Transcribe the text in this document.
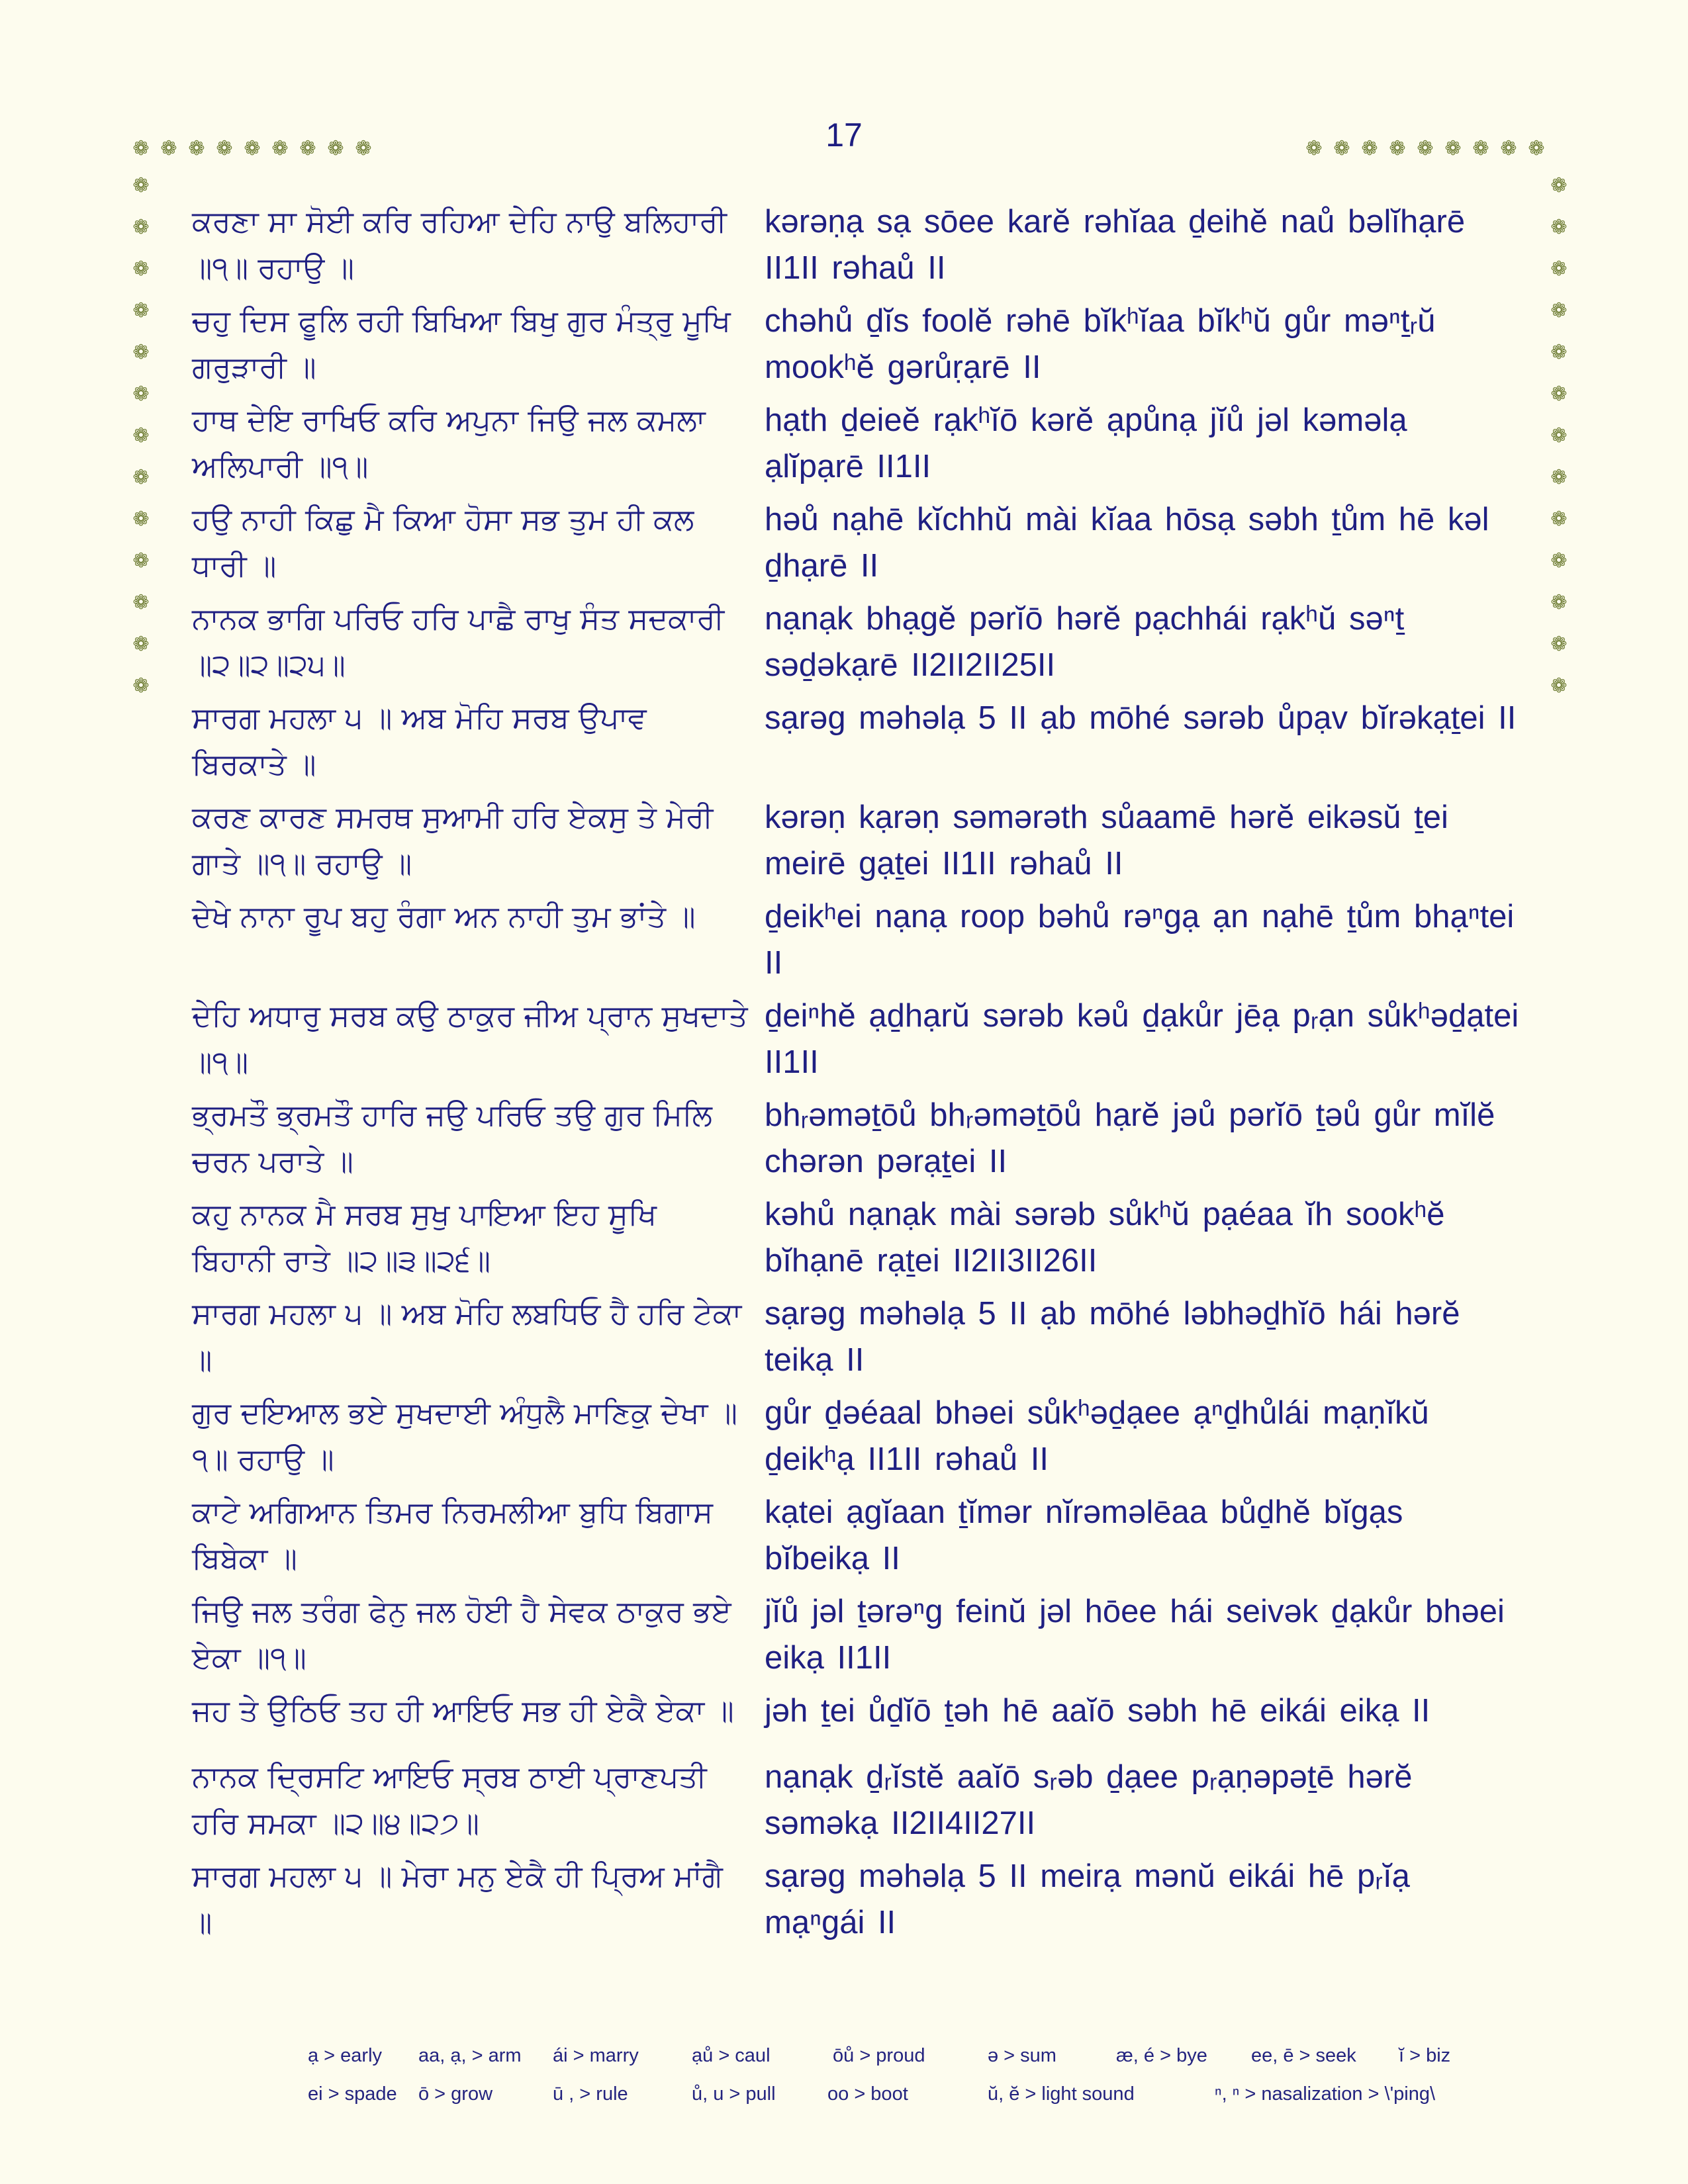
17
❁ ❁ ❁ ❁ ❁ ❁ ❁ ❁ ❁	❁ ❁ ❁ ❁ ❁ ❁ ❁ ❁ ❁
❁
❁
❁
❁
❁
❁
❁
❁
❁
❁
❁
❁
❁
❁
❁
❁
❁
❁
❁
❁
❁
❁
❁
❁
❁
❁
ਕਰਣਾ ਸਾ ਸੋਈ ਕਰਿ ਰਹਿਆ ਦੇਹਿ ਨਾਉ ਬਲਿਹਾਰੀ ॥੧॥ ਰਹਾਉ ॥
kərəṇạ sạ sōee karĕ rəhĭaa ḏeihĕ naů bəlĭhạrē II1II rəhaů II
ਚਹੁ ਦਿਸ ਫੂਲਿ ਰਹੀ ਬਿਖਿਆ ਬਿਖੁ ਗੁਰ ਮੰਤ੍ਰੁ ਮੂਖਿ ਗਰੁੜਾਰੀ ॥
chəhů ḏĭs foolĕ rəhē bĭkʰĭaa bĭkʰŭ gůr məⁿṯᵣŭ mookʰĕ gərůṛạrē II
ਹਾਥ ਦੇਇ ਰਾਖਿਓ ਕਰਿ ਅਪੁਨਾ ਜਿਉ ਜਲ ਕਮਲਾ ਅਲਿਪਾਰੀ ॥੧॥
hạth ḏeieĕ rạkʰĭō kərĕ ạpůnạ jĭů jəl kəməlạ ạlĭpạrē II1II
ਹਉ ਨਾਹੀ ਕਿਛੁ ਮੈ ਕਿਆ ਹੋਸਾ ਸਭ ਤੁਮ ਹੀ ਕਲ ਧਾਰੀ ॥
həů nạhē kĭchhŭ mài kĭaa hōsạ səbh ṯům hē kəl ḏhạrē II
ਨਾਨਕ ਭਾਗਿ ਪਰਿਓ ਹਰਿ ਪਾਛੈ ਰਾਖੁ ਸੰਤ ਸਦਕਾਰੀ ॥੨॥੨॥੨੫॥
nạnạk bhạgĕ pərĭō hərĕ pạchhái rạkʰŭ səⁿṯ səḏəkạrē II2II2II25II
ਸਾਰਗ ਮਹਲਾ ੫ ॥ ਅਬ ਮੋਹਿ ਸਰਬ ਉਪਾਵ ਬਿਰਕਾਤੇ ॥
sạrəg məhəlạ 5 II ạb mōhé sərəb ůpạv bĭrəkạṯei II
ਕਰਣ ਕਾਰਣ ਸਮਰਥ ਸੁਆਮੀ ਹਰਿ ਏਕਸੁ ਤੇ ਮੇਰੀ ਗਾਤੇ ॥੧॥ ਰਹਾਉ ॥
kərəṇ kạrəṇ səmərəth sůaamē hərĕ eikəsŭ ṯei meirē gạṯei II1II rəhaů II
ਦੇਖੇ ਨਾਨਾ ਰੂਪ ਬਹੁ ਰੰਗਾ ਅਨ ਨਾਹੀ ਤੁਮ ਭਾਂਤੇ ॥	ḏeikʰei nạnạ roop bəhů rəⁿgạ ạn nạhē ṯům bhạⁿtei II
ਦੇਹਿ ਅਧਾਰੁ ਸਰਬ ਕਉ ਠਾਕੁਰ ਜੀਅ ਪ੍ਰਾਨ ਸੁਖਦਾਤੇ ॥੧॥
ḏeiⁿhĕ ạḏhạrŭ sərəb kəů ḏạkůr jēạ pᵣạn sůkʰəḏạtei II1II
ਭ੍ਰਮਤੌ ਭ੍ਰਮਤੌ ਹਾਰਿ ਜਉ ਪਰਿਓ ਤਉ ਗੁਰ ਮਿਲਿ ਚਰਨ ਪਰਾਤੇ ॥
bhᵣəməṯōů bhᵣəməṯōů hạrĕ jəů pərĭō ṯəů gůr mĭlĕ chərən pərạṯei II
ਕਹੁ ਨਾਨਕ ਮੈ ਸਰਬ ਸੁਖੁ ਪਾਇਆ ਇਹ ਸੂਖਿ ਬਿਹਾਨੀ ਰਾਤੇ ॥੨॥੩॥੨੬॥
kəhů nạnạk mài sərəb sůkʰŭ pạéaa ĭh sookʰĕ bĭhạnē rạṯei II2II3II26II
ਸਾਰਗ ਮਹਲਾ ੫ ॥ ਅਬ ਮੋਹਿ ਲਬਧਿਓ ਹੈ ਹਰਿ ਟੇਕਾ ॥
sạrəg məhəlạ 5 II ạb mōhé ləbhəḏhĭō hái hərĕ teikạ II
ਗੁਰ ਦਇਆਲ ਭਏ ਸੁਖਦਾਈ ਅੰਧੁਲੈ ਮਾਣਿਕੁ ਦੇਖਾ ॥੧॥ ਰਹਾਉ ॥
gůr ḏəéaal bhəei sůkʰəḏạee ạⁿḏhůlái mạṇĭkŭ ḏeikʰạ II1II rəhaů II
ਕਾਟੇ ਅਗਿਆਨ ਤਿਮਰ ਨਿਰਮਲੀਆ ਬੁਧਿ ਬਿਗਾਸ ਬਿਬੇਕਾ ॥
kạtei ạgĭaan ṯĭmər nĭrəməlēaa bůḏhĕ bĭgạs bĭbeikạ II
ਜਿਉ ਜਲ ਤਰੰਗ ਫੇਨੁ ਜਲ ਹੋਈ ਹੈ ਸੇਵਕ ਠਾਕੁਰ ਭਏ ਏਕਾ ॥੧॥
jĭů jəl ṯərəⁿg feinŭ jəl hōee hái seivək ḏạkůr bhəei eikạ II1II
ਜਹ ਤੇ ਉਠਿਓ ਤਹ ਹੀ ਆਇਓ ਸਭ ਹੀ ਏਕੈ ਏਕਾ ॥ jəh ṯei ůḏĭō ṯəh hē aaĭō səbh hē eikái eikạ II
ਨਾਨਕ ਦ੍ਰਿਸਟਿ ਆਇਓ ਸ੍ਰਬ ਠਾਈ ਪ੍ਰਾਣਪਤੀ ਹਰਿ ਸਮਕਾ ॥੨॥੪॥੨੭॥
nạnạk ḏᵣĭstĕ aaĭō sᵣəb ḏạee pᵣạṇəpəṯē hərĕ səməkạ II2II4II27II
ਸਾਰਗ ਮਹਲਾ ੫ ॥ ਮੇਰਾ ਮਨੁ ਏਕੈ ਹੀ ਪ੍ਰਿਅ ਮਾਂਗੈ ॥
sạrəg məhəlạ 5 II meirạ mənŭ eikái hē pᵣĭạ mạⁿgái II
ạ > early aa, ạ, > arm ái > marry	ạů > caul	ōů > proud	ə > sum	æ, é > bye ee, ē > seek ĭ > biz
ei > spade ō > grow	ū , > rule	ů, u > pull	oo > boot	ŭ, ĕ > light sound	ⁿ, ⁿ > nasalization > \'ping\
